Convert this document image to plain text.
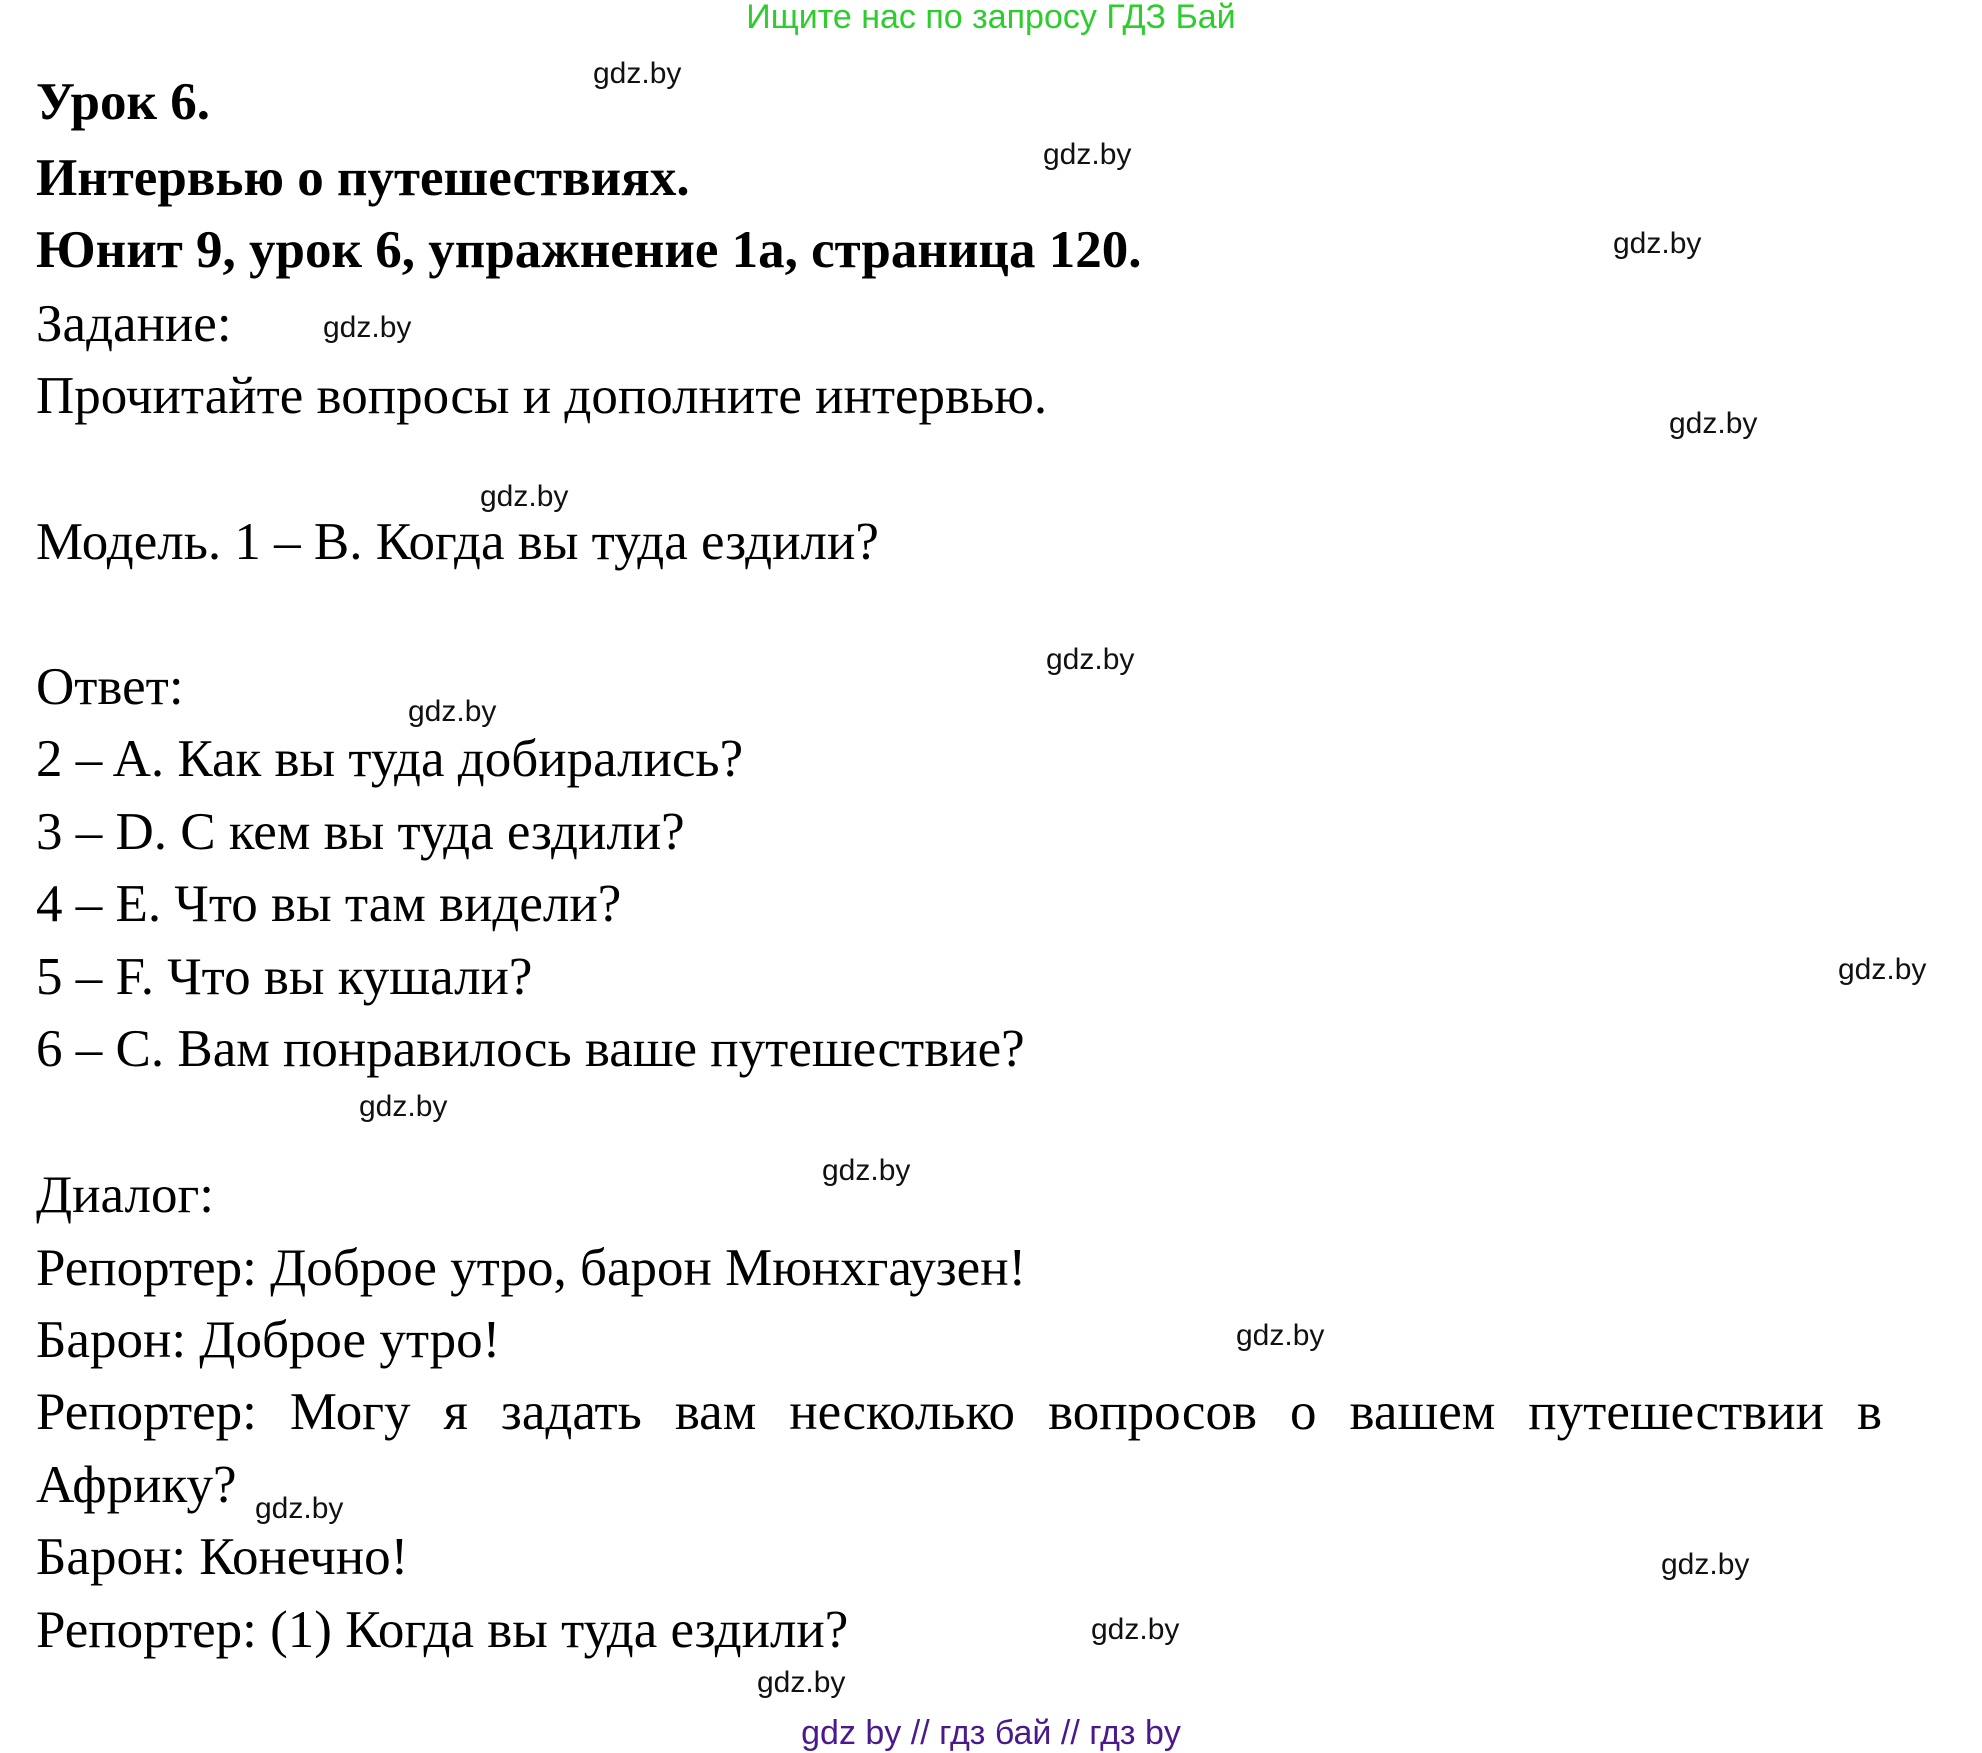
Ищите нас по запросу ГДЗ Бай
Урок 6.
Интервью о путешествиях.
Юнит 9, урок 6, упражнение 1а, страница 120.
Задание:
Прочитайте вопросы и дополните интервью.
Модель. 1 – B. Когда вы туда ездили?
Ответ:
2 – A. Как вы туда добирались?
3 – D. С кем вы туда ездили?
4 – E. Что вы там видели?
5 – F. Что вы кушали?
6 – C. Вам понравилось ваше путешествие?
Диалог:
Репортер: Доброе утро, барон Мюнхгаузен!
Барон: Доброе утро!
Репортер: Могу я задать вам несколько вопросов о вашем путешествии в
Африку?
Барон: Конечно!
Репортер: (1) Когда вы туда ездили?
gdz.by
gdz.by
gdz.by
gdz.by
gdz.by
gdz.by
gdz.by
gdz.by
gdz.by
gdz.by
gdz.by
gdz.by
gdz.by
gdz.by
gdz.by
gdz.by
gdz by // гдз бай // гдз by
